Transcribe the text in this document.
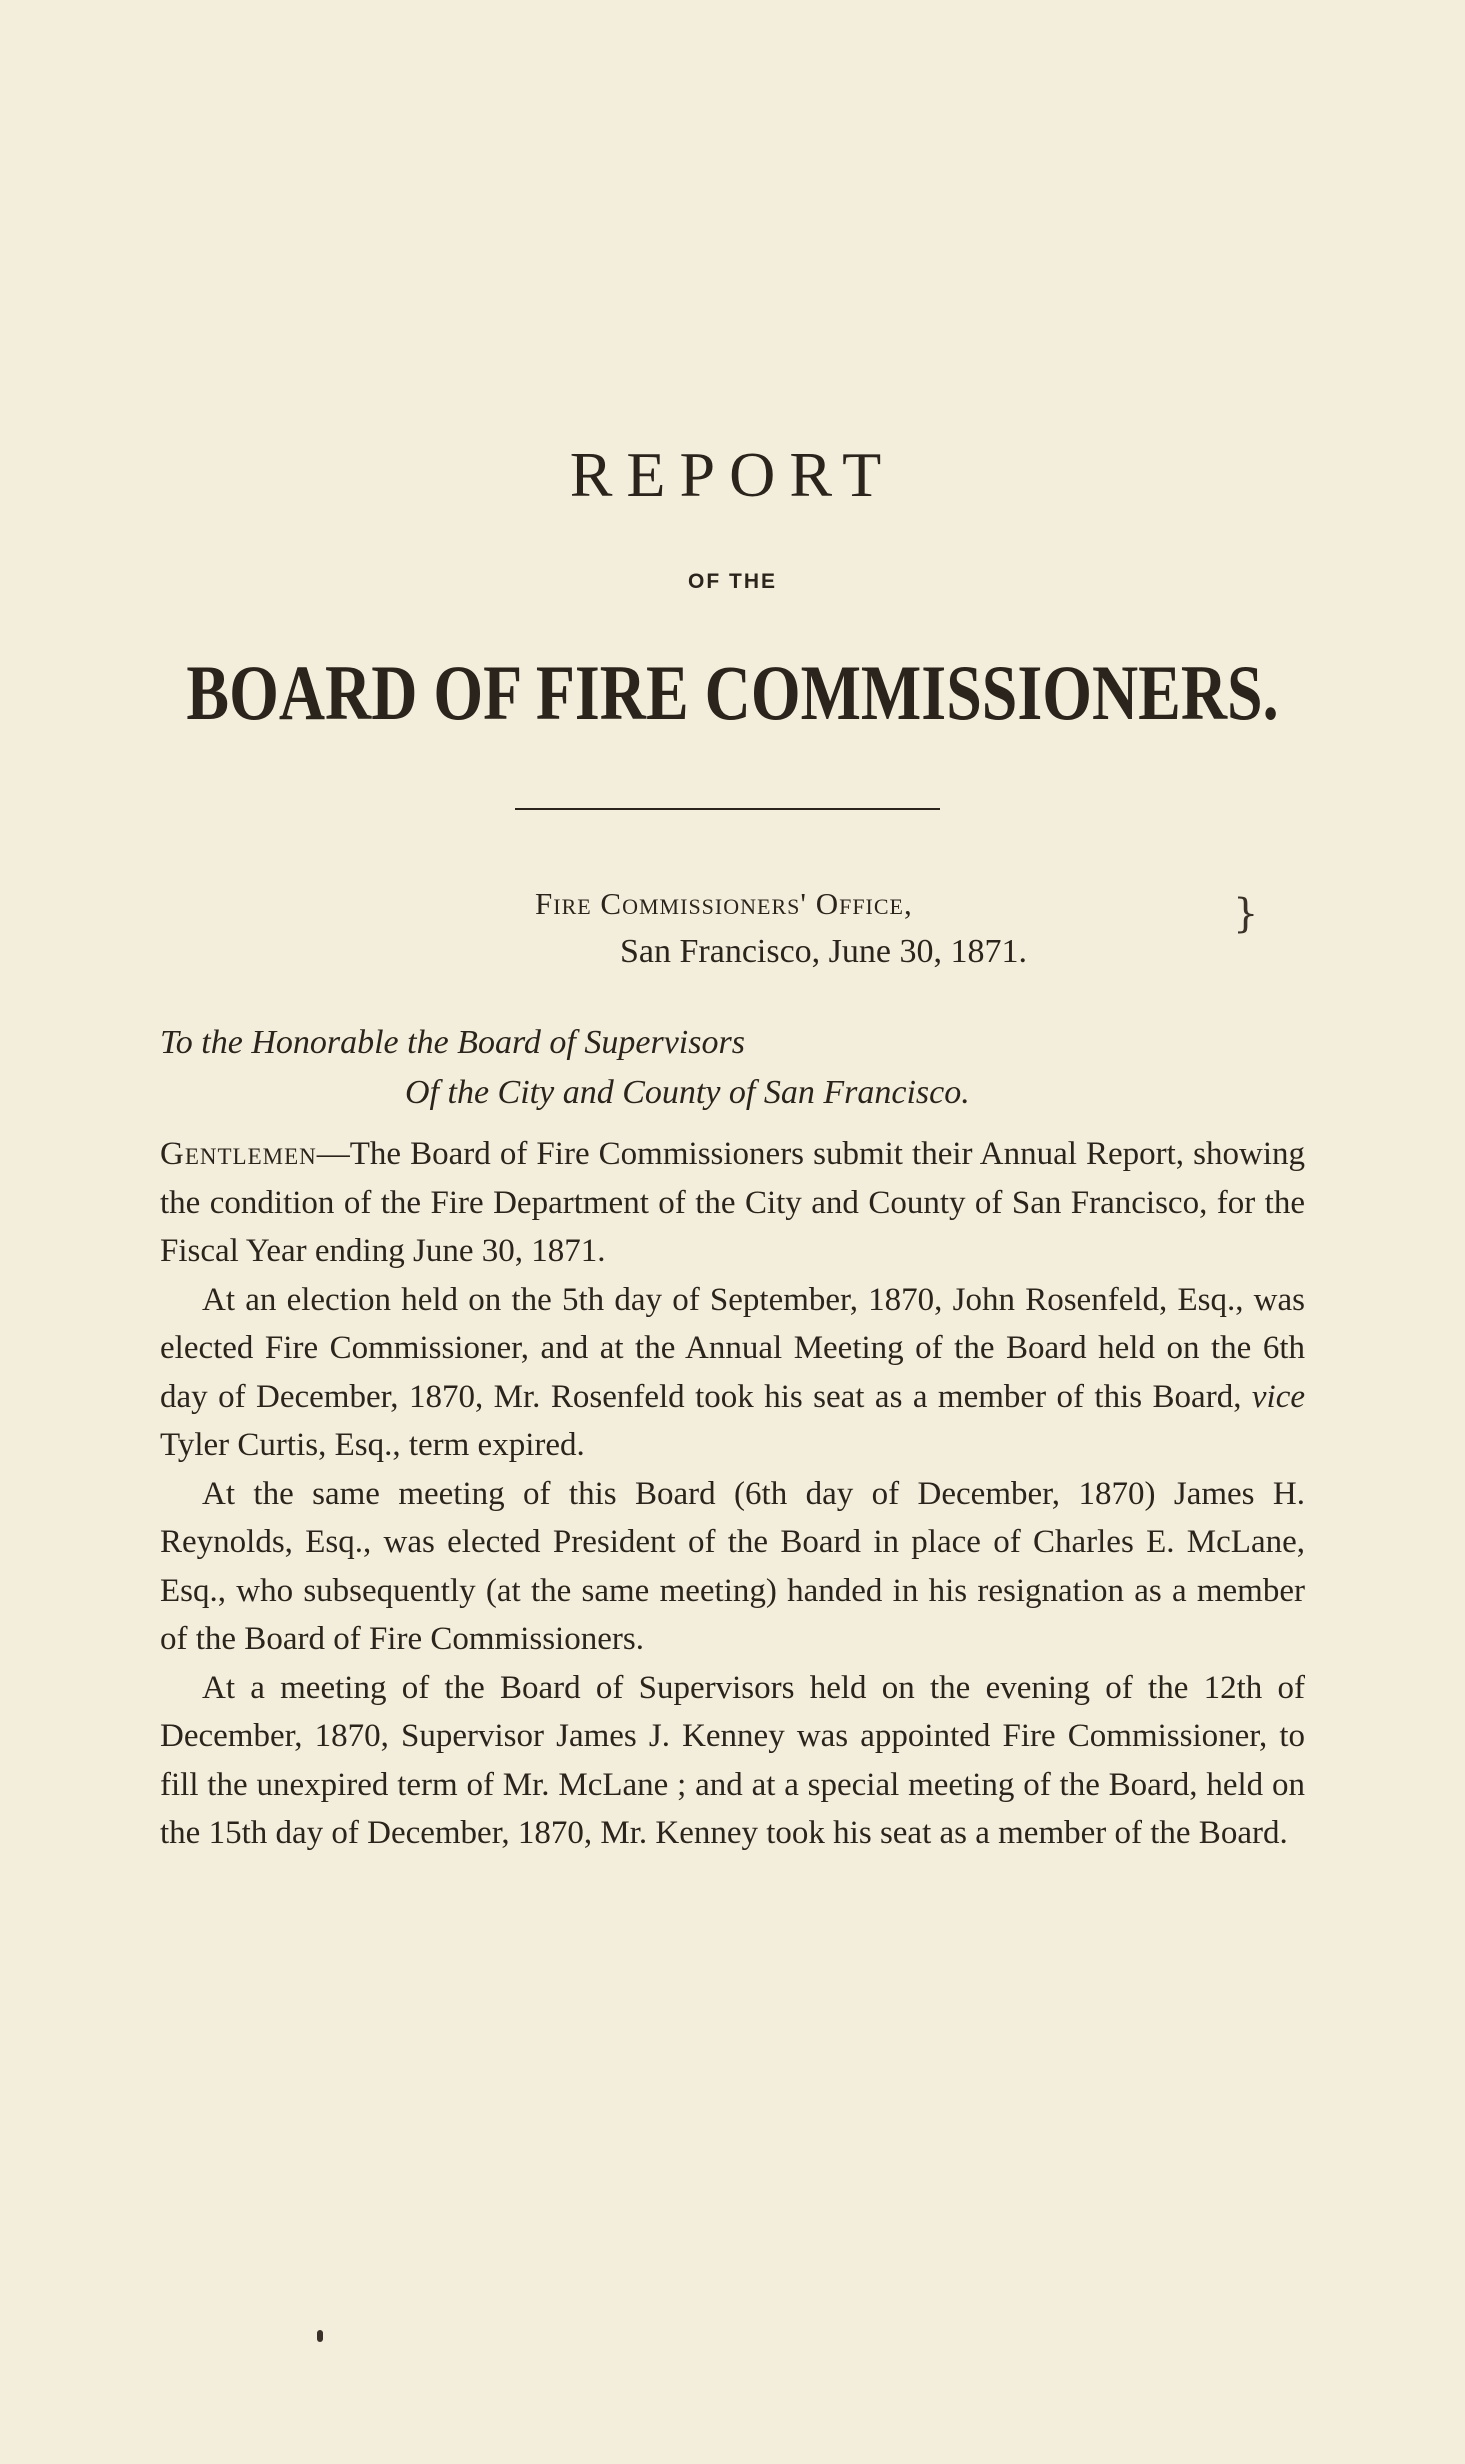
REPORT
OF THE
BOARD OF FIRE COMMISSIONERS.
Fire Commissioners' Office,
San Francisco, June 30, 1871.
}
To the Honorable the Board of Supervisors
Of the City and County of San Francisco.

Gentlemen—The Board of Fire Commissioners submit their Annual Report, showing the condition of the Fire Department of the City and County of San Francisco, for the Fiscal Year ending June 30, 1871.

At an election held on the 5th day of September, 1870, John Rosenfeld, Esq., was elected Fire Commissioner, and at the Annual Meeting of the Board held on the 6th day of December, 1870, Mr. Rosenfeld took his seat as a member of this Board, vice Tyler Curtis, Esq., term expired.

At the same meeting of this Board (6th day of December, 1870) James H. Reynolds, Esq., was elected President of the Board in place of Charles E. McLane, Esq., who subsequently (at the same meeting) handed in his resignation as a member of the Board of Fire Commissioners.

At a meeting of the Board of Supervisors held on the evening of the 12th of December, 1870, Supervisor James J. Kenney was appointed Fire Commissioner, to fill the unexpired term of Mr. McLane ; and at a special meeting of the Board, held on the 15th day of December, 1870, Mr. Kenney took his seat as a member of the Board.
